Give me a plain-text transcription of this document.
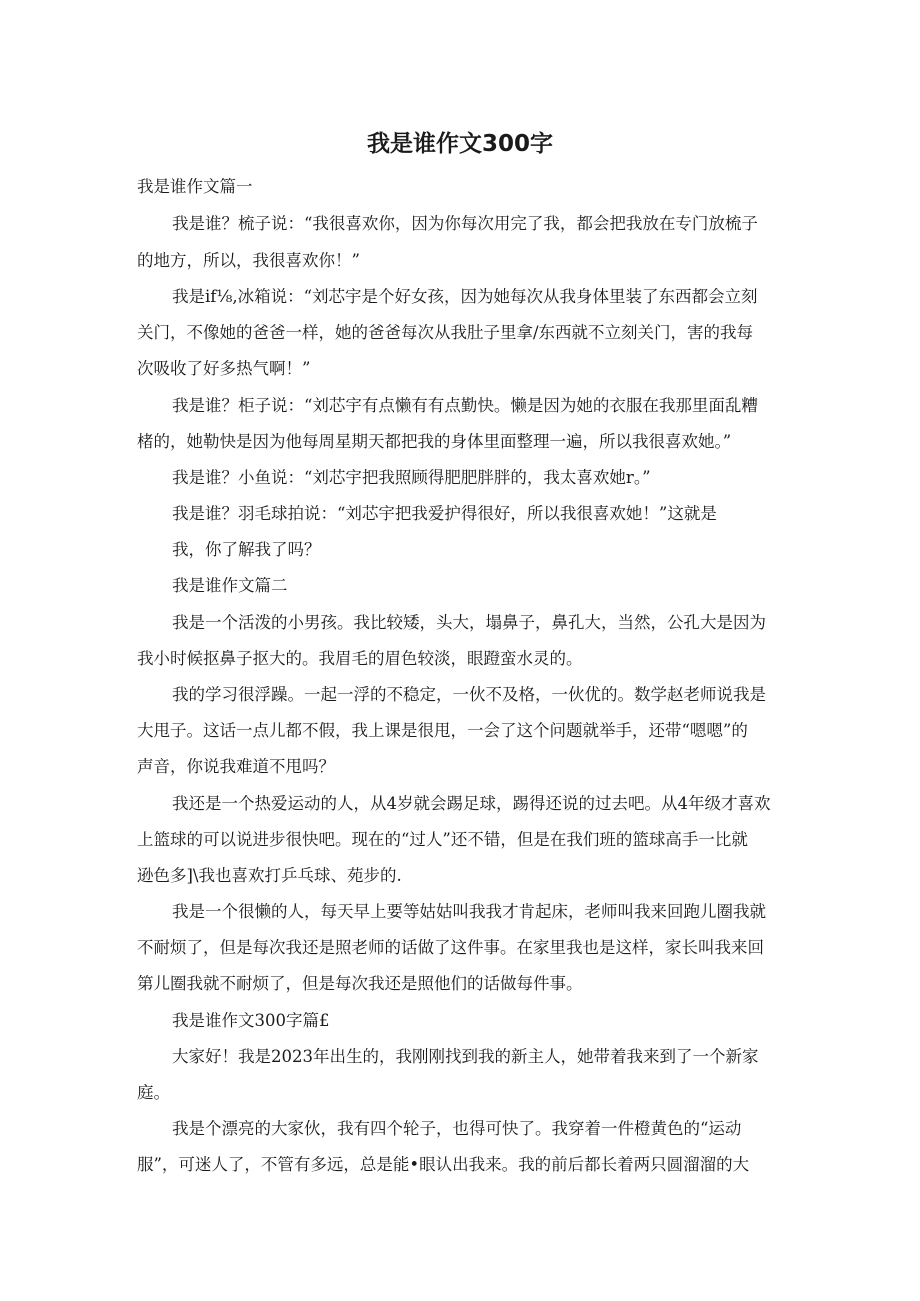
我是谁作文300字

我是谁作文篇一

我是谁？梳子说：“我很喜欢你，因为你每次用完了我，都会把我放在专门放梳子

的地方，所以，我很喜欢你！”

我是if⅛,冰箱说：“刘芯宇是个好女孩，因为她每次从我身体里装了东西都会立刻

关门，不像她的爸爸一样，她的爸爸每次从我肚子里拿/东西就不立刻关门，害的我每

次吸收了好多热气啊！”

我是谁？柜子说：“刘芯宇有点懒有有点勤快。懒是因为她的衣服在我那里面乱糟

楮的，她勒快是因为他每周星期天都把我的身体里面整理一遍，所以我很喜欢她。”

我是谁？小鱼说：“刘芯宇把我照顾得肥肥胖胖的，我太喜欢她r。”

我是谁？羽毛球拍说：“刘芯宇把我爱护得很好，所以我很喜欢她！”这就是

我，你了解我了吗？

我是谁作文篇二

我是一个活泼的小男孩。我比较矮，头大，塌鼻子，鼻孔大，当然，公孔大是因为

我小时候抠鼻子抠大的。我眉毛的眉色较淡，眼蹬蛮水灵的。

我的学习很浮躁。一起一浮的不稳定，一伙不及格，一伙优的。数学赵老师说我是

大甩子。这话一点儿都不假，我上课是很甩，一会了这个问题就举手，还带“嗯嗯”的

声音，你说我难道不甩吗？

我还是一个热爱运动的人，从4岁就会踢足球，踢得还说的过去吧。从4年级才喜欢

上篮球的可以说进步很快吧。现在的“过人”还不错，但是在我们班的篮球高手一比就

逊色多]\我也喜欢打乒乓球、苑步的.

我是一个很懒的人，每天早上要等姑姑叫我我才肯起床，老师叫我来回跑儿圈我就

不耐烦了，但是每次我还是照老师的话做了这件事。在家里我也是这样，家长叫我来回

第儿圈我就不耐烦了，但是每次我还是照他们的话做每件事。

我是谁作文300字篇£

大家好！我是2023年出生的，我刚刚找到我的新主人，她带着我来到了一个新家

庭。

我是个漂亮的大家伙，我有四个轮子，也得可快了。我穿着一件橙黄色的“运动

服”，可迷人了，不管有多远，总是能•眼认出我来。我的前后都长着两只圆溜溜的大
